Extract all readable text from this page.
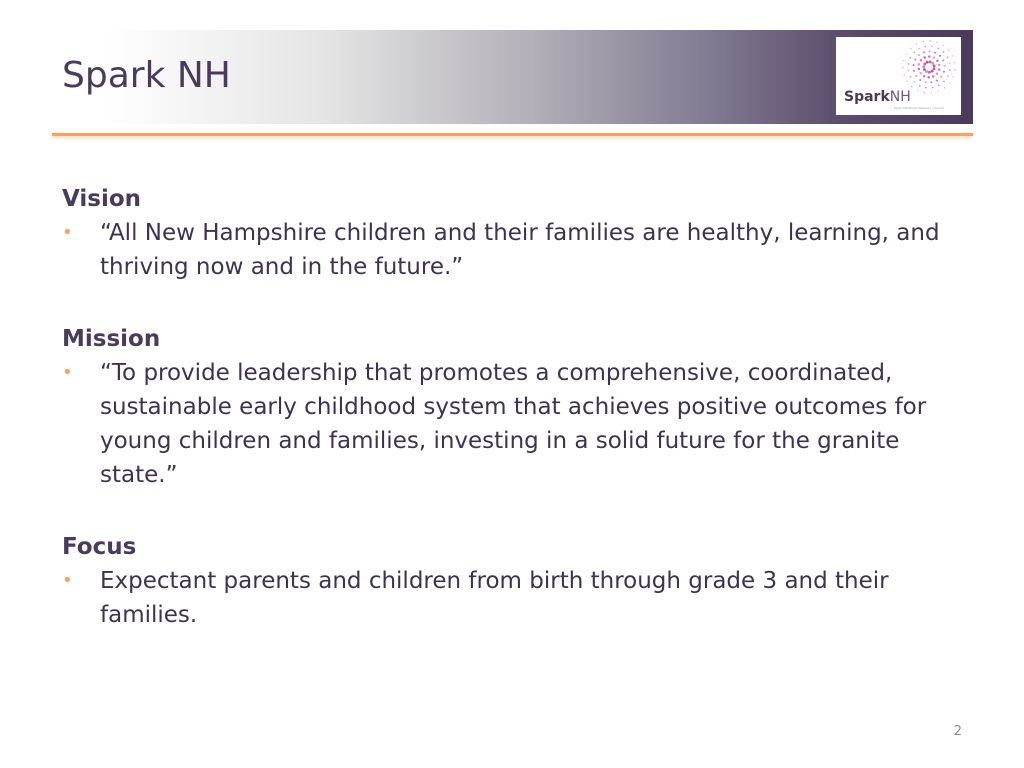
Spark NH
SparkNH
Early Childhood Advisory Council
Vision
• “All New Hampshire children and their families are healthy, learning, and thriving now and in the future.”
Mission
• “To provide leadership that promotes a comprehensive, coordinated, sustainable early childhood system that achieves positive outcomes for young children and families, investing in a solid future for the granite state.”
Focus
• Expectant parents and children from birth through grade 3 and their families.
2
